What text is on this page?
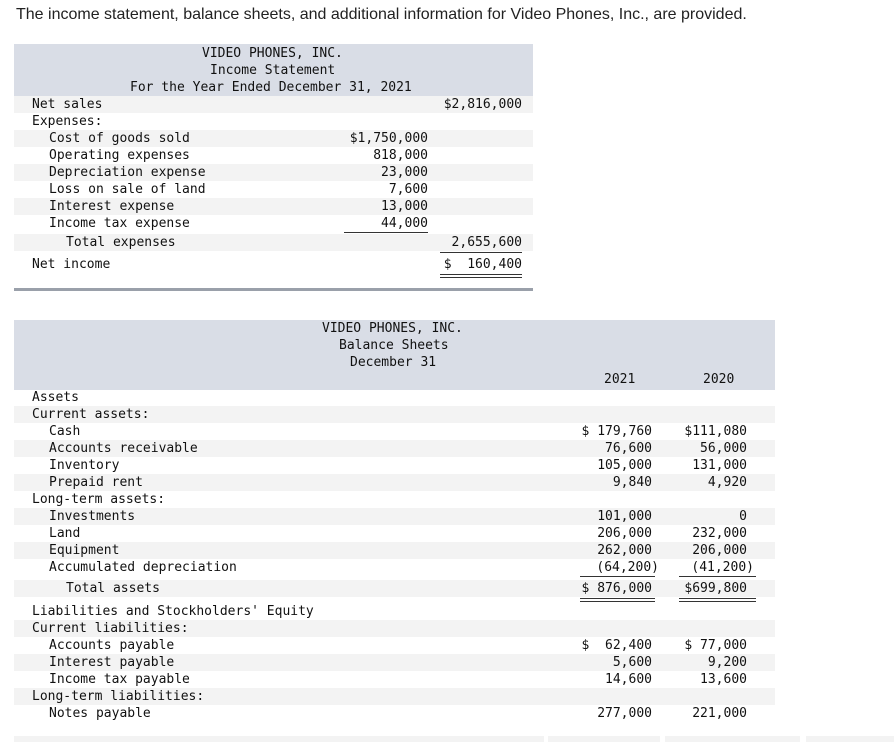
The income statement, balance sheets, and additional information for Video Phones, Inc., are provided.
VIDEO PHONES, INC.
Income Statement
For the Year Ended December 31, 2021
Net sales	$2,816,000
Expenses:
Cost of goods sold	$1,750,000
Operating expenses	818,000
Depreciation expense	23,000
Loss on sale of land	7,600
Interest expense	13,000
Income tax expense	44,000
Total expenses	2,655,600
Net income	$  160,400
VIDEO PHONES, INC.
Balance Sheets
December 31
2021	2020
Assets
Current assets:
Cash	$ 179,760	$111,080
Accounts receivable	76,600	56,000
Inventory	105,000	131,000
Prepaid rent	9,840	4,920
Long-term assets:
Investments	101,000	0
Land	206,000	232,000
Equipment	262,000	206,000
Accumulated depreciation	(64,200)	(41,200)
Total assets	$ 876,000	$699,800
Liabilities and Stockholders' Equity
Current liabilities:
Accounts payable	$  62,400	$ 77,000
Interest payable	5,600	9,200
Income tax payable	14,600	13,600
Long-term liabilities:
Notes payable	277,000	221,000
